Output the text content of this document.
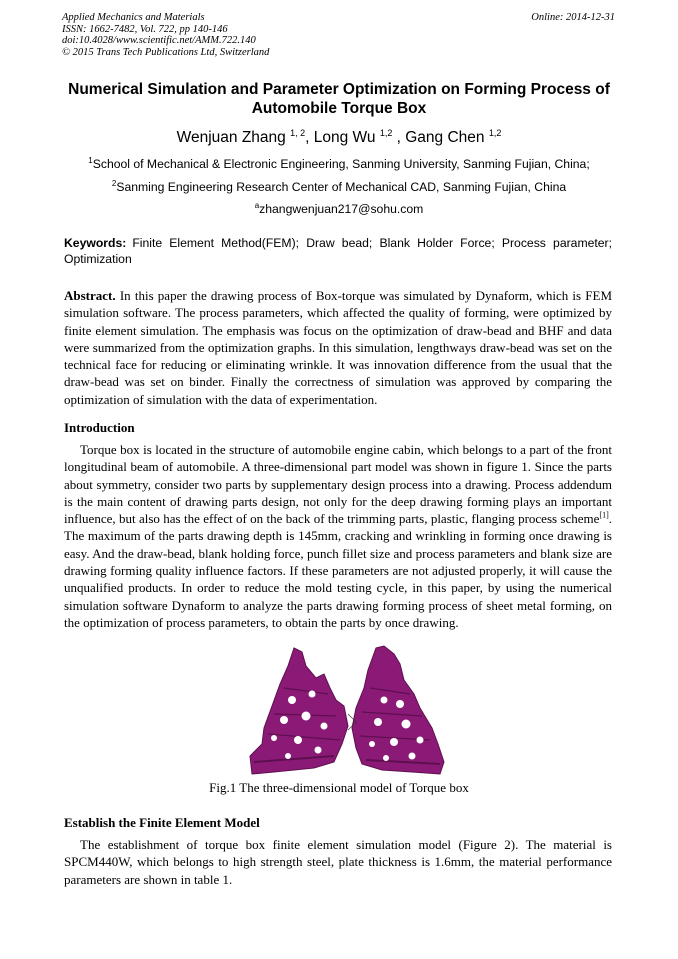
Applied Mechanics and Materials
ISSN: 1662-7482, Vol. 722, pp 140-146
doi:10.4028/www.scientific.net/AMM.722.140
© 2015 Trans Tech Publications Ltd, Switzerland
Online: 2014-12-31
Numerical Simulation and Parameter Optimization on Forming Process of Automobile Torque Box
Wenjuan Zhang $^{1, 2}$, Long Wu $^{1,2}$ , Gang Chen $^{1,2}$
$^1$School of Mechanical & Electronic Engineering, Sanming University, Sanming Fujian, China;
$^2$Sanming Engineering Research Center of Mechanical CAD, Sanming Fujian, China
$^a$zhangwenjuan217@sohu.com
Keywords: Finite Element Method(FEM); Draw bead; Blank Holder Force; Process parameter; Optimization
Abstract. In this paper the drawing process of Box-torque was simulated by Dynaform, which is FEM simulation software. The process parameters, which affected the quality of forming, were optimized by finite element simulation. The emphasis was focus on the optimization of draw-bead and BHF and data were summarized from the optimization graphs. In this simulation, lengthways draw-bead was set on the technical face for reducing or eliminating wrinkle. It was innovation difference from the usual that the draw-bead was set on binder. Finally the correctness of simulation was approved by comparing the optimization of simulation with the data of experimentation.
Introduction
Torque box is located in the structure of automobile engine cabin, which belongs to a part of the front longitudinal beam of automobile. A three-dimensional part model was shown in figure 1. Since the parts about symmetry, consider two parts by supplementary design process into a drawing. Process addendum is the main content of drawing parts design, not only for the deep drawing forming plays an important influence, but also has the effect of on the back of the trimming parts, plastic, flanging process scheme[1]. The maximum of the parts drawing depth is 145mm, cracking and wrinkling in forming once drawing is easy. And the draw-bead, blank holding force, punch fillet size and process parameters and blank size are drawing forming quality influence factors. If these parameters are not adjusted properly, it will cause the unqualified products. In order to reduce the mold testing cycle, in this paper, by using the numerical simulation software Dynaform to analyze the parts drawing forming process of sheet metal forming, on the optimization of process parameters, to obtain the parts by once drawing.
Fig.1 The three-dimensional model of Torque box
Establish the Finite Element Model
The establishment of torque box finite element simulation model (Figure 2). The material is SPCM440W, which belongs to high strength steel, plate thickness is 1.6mm, the material performance parameters are shown in table 1.
